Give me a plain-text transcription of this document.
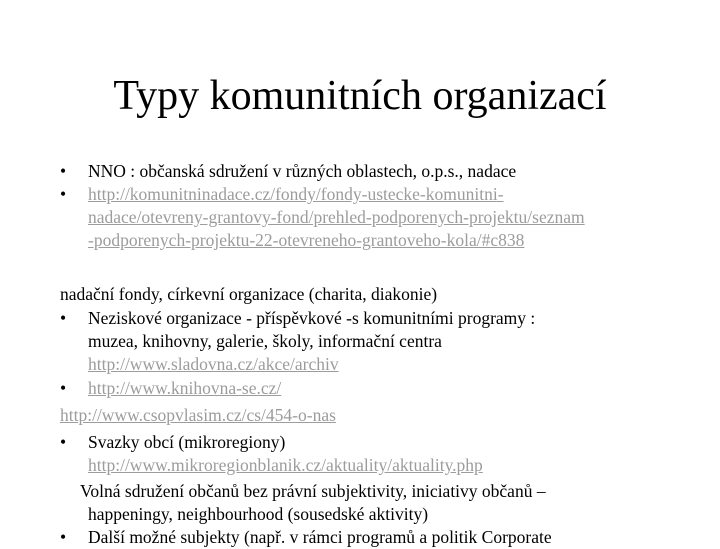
Typy komunitních organizací
• NNO : občanská sdružení v různých oblastech, o.p.s., nadace
• http://komunitninadace.cz/fondy/fondy-ustecke-komunitni-
nadace/otevreny-grantovy-fond/prehled-podporenych-projektu/seznam
-podporenych-projektu-22-otevreneho-grantoveho-kola/#c838
nadační fondy, církevní organizace (charita, diakonie)
• Neziskové organizace - příspěvkové -s komunitními programy :
muzea, knihovny, galerie, školy, informační centra
http://www.sladovna.cz/akce/archiv
• http://www.knihovna-se.cz/
http://www.csopvlasim.cz/cs/454-o-nas
• Svazky obcí (mikroregiony)
http://www.mikroregionblanik.cz/aktuality/aktuality.php
Volná sdružení občanů bez právní subjektivity, iniciativy občanů –
happeningy, neighbourhood (sousedské aktivity)
• Další možné subjekty (např. v rámci programů a politik Corporate
